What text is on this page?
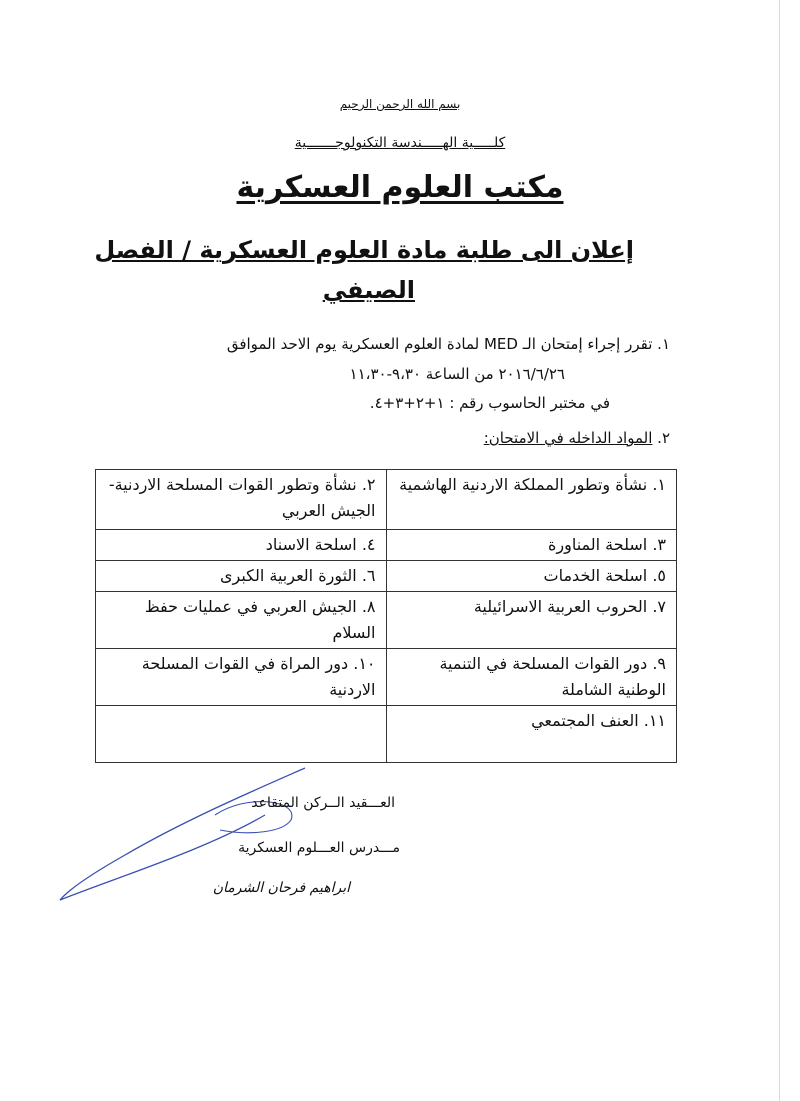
بسم الله الرحمن الرحيم
كلـــــية الهـــــندسة التكنولوجـــــــية
مكتب العلوم العسكرية
إعلان الى طلبة مادة العلوم العسكرية / الفصل
الصيفي
١. تقرر إجراء إمتحان الـ MED لمادة العلوم العسكرية يوم الاحد الموافق
٢٠١٦/٦/٢٦ من الساعة ٩،٣٠-١١،٣٠
في مختبر الحاسوب رقم : ١+٢+٣+٤.
٢. المواد الداخله في الامتحان:
١. نشأة وتطور المملكة الاردنية الهاشمية	٢. نشأة وتطور القوات المسلحة الاردنية- الجيش العربي
٣. اسلحة المناورة	٤. اسلحة الاسناد
٥. اسلحة الخدمات	٦. الثورة العربية الكبرى
٧. الحروب العربية الاسرائيلية	٨. الجيش العربي في عمليات حفظ السلام
٩. دور القوات المسلحة في التنمية الوطنية الشاملة	١٠. دور المراة في القوات المسلحة الاردنية
١١. العنف المجتمعي	
العـــقيد الــركن المتقاعد
مـــدرس العـــلوم العسكرية
ابراهيم فرحان الشرمان
